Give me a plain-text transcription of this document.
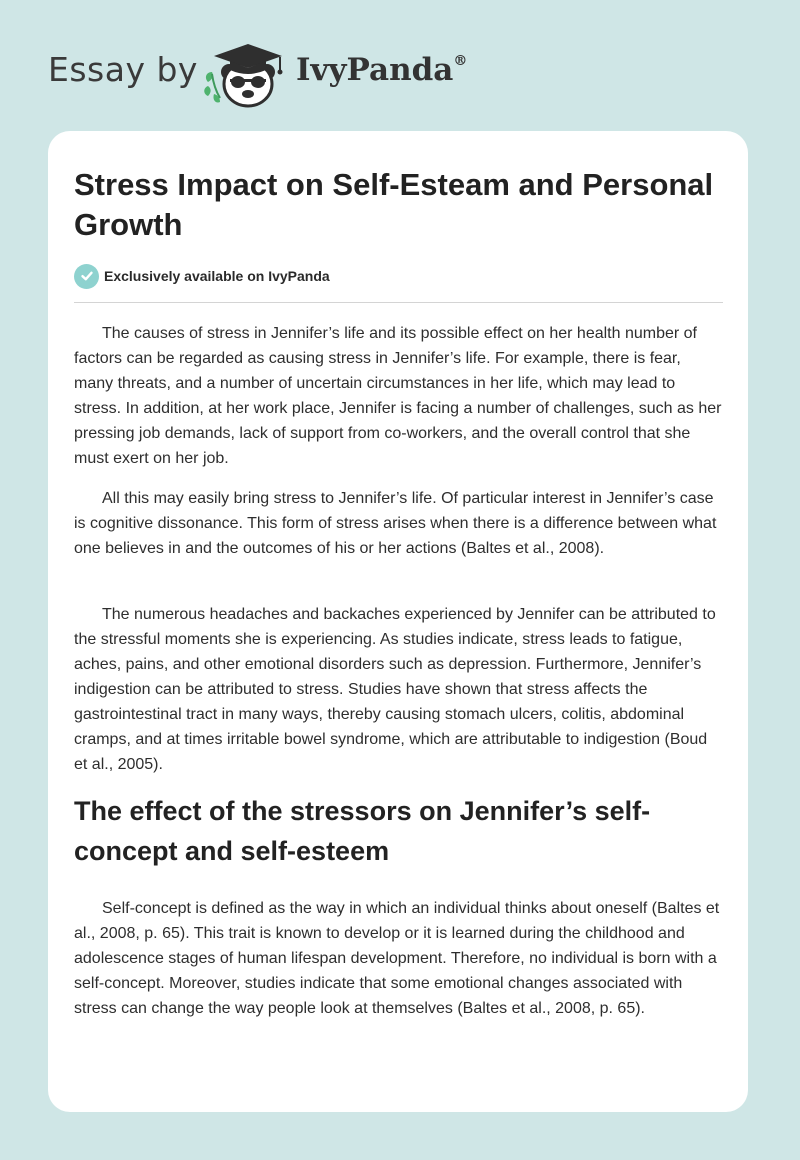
Essay by	IvyPanda®
Stress Impact on Self-Esteam and Personal Growth
Exclusively available on IvyPanda

The causes of stress in Jennifer’s life and its possible effect on her health number of factors can be regarded as causing stress in Jennifer’s life. For example, there is fear, many threats, and a number of uncertain circumstances in her life, which may lead to stress. In addition, at her work place, Jennifer is facing a number of challenges, such as her pressing job demands, lack of support from co-workers, and the overall control that she must exert on her job.

All this may easily bring stress to Jennifer’s life. Of particular interest in Jennifer’s case is cognitive dissonance. This form of stress arises when there is a difference between what one believes in and the outcomes of his or her actions (Baltes et al., 2008).

The numerous headaches and backaches experienced by Jennifer can be attributed to the stressful moments she is experiencing. As studies indicate, stress leads to fatigue, aches, pains, and other emotional disorders such as depression. Furthermore, Jennifer’s indigestion can be attributed to stress. Studies have shown that stress affects the gastrointestinal tract in many ways, thereby causing stomach ulcers, colitis, abdominal cramps, and at times irritable bowel syndrome, which are attributable to indigestion (Boud et al., 2005).

The effect of the stressors on Jennifer’s self-concept and self-esteem

Self-concept is defined as the way in which an individual thinks about oneself (Baltes et al., 2008, p. 65). This trait is known to develop or it is learned during the childhood and adolescence stages of human lifespan development. Therefore, no individual is born with a self-concept. Moreover, studies indicate that some emotional changes associated with stress can change the way people look at themselves (Baltes et al., 2008, p. 65).
